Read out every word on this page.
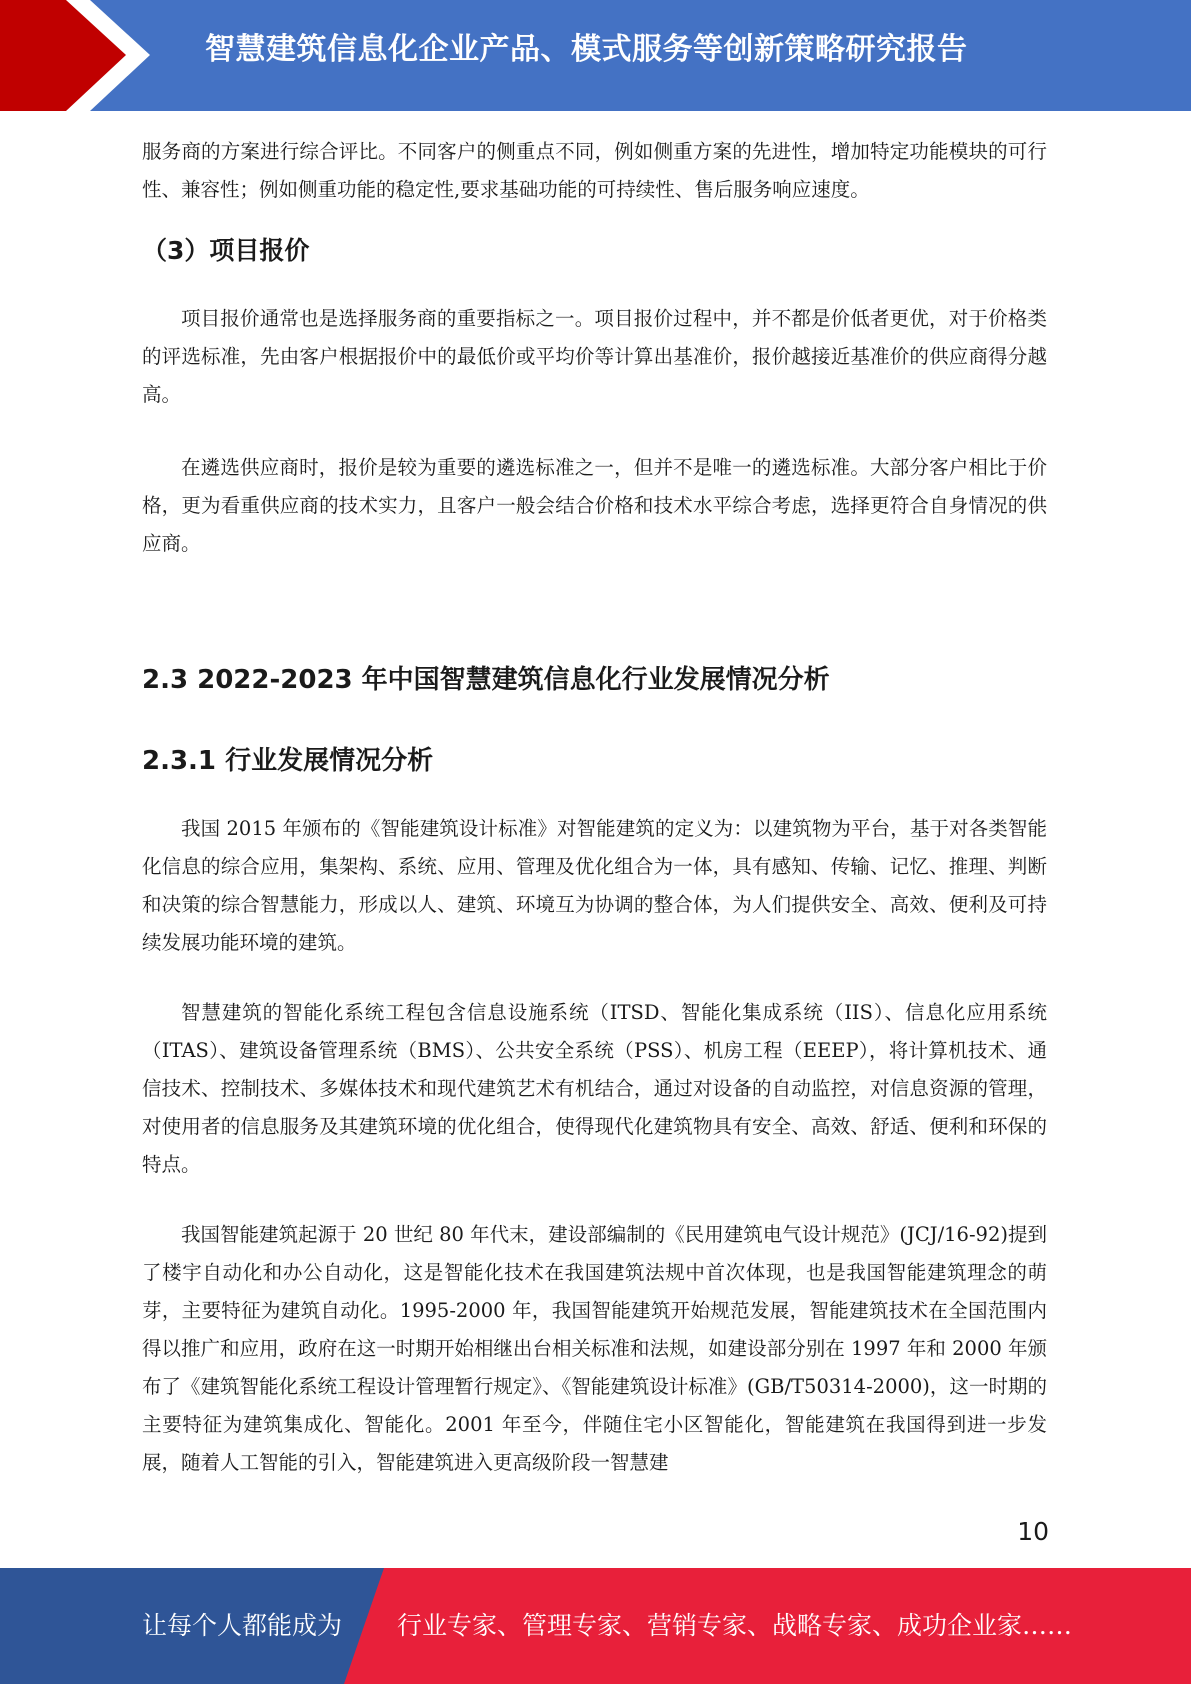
智慧建筑信息化企业产品、模式服务等创新策略研究报告

服务商的方案进行综合评比。不同客户的侧重点不同，例如侧重方案的先进性，增加特定功能模块的可行性、兼容性；例如侧重功能的稳定性,要求基础功能的可持续性、售后服务响应速度。

（3）项目报价

项目报价通常也是选择服务商的重要指标之一。项目报价过程中，并不都是价低者更优，对于价格类的评选标准，先由客户根据报价中的最低价或平均价等计算出基准价，报价越接近基准价的供应商得分越高。

在遴选供应商时，报价是较为重要的遴选标准之一，但并不是唯一的遴选标准。大部分客户相比于价格，更为看重供应商的技术实力，且客户一般会结合价格和技术水平综合考虑，选择更符合自身情况的供应商。

2.3 2022-2023 年中国智慧建筑信息化行业发展情况分析
2.3.1 行业发展情况分析

我国 2015 年颁布的《智能建筑设计标准》对智能建筑的定义为：以建筑物为平台，基于对各类智能化信息的综合应用，集架构、系统、应用、管理及优化组合为一体，具有感知、传输、记忆、推理、判断和决策的综合智慧能力，形成以人、建筑、环境互为协调的整合体，为人们提供安全、高效、便利及可持续发展功能环境的建筑。

智慧建筑的智能化系统工程包含信息设施系统（ITSD、智能化集成系统（IIS）、信息化应用系统（ITAS）、建筑设备管理系统（BMS）、公共安全系统（PSS）、机房工程（EEEP），将计算机技术、通信技术、控制技术、多媒体技术和现代建筑艺术有机结合，通过对设备的自动监控，对信息资源的管理，对使用者的信息服务及其建筑环境的优化组合，使得现代化建筑物具有安全、高效、舒适、便利和环保的特点。

我国智能建筑起源于 20 世纪 80 年代末，建设部编制的《民用建筑电气设计规范》(JCJ/16-92)提到了楼宇自动化和办公自动化，这是智能化技术在我国建筑法规中首次体现，也是我国智能建筑理念的萌芽，主要特征为建筑自动化。1995-2000 年，我国智能建筑开始规范发展，智能建筑技术在全国范围内得以推广和应用，政府在这一时期开始相继出台相关标准和法规，如建设部分别在 1997 年和 2000 年颁布了《建筑智能化系统工程设计管理暂行规定》、《智能建筑设计标准》(GB/T50314-2000)，这一时期的主要特征为建筑集成化、智能化。2001 年至今，伴随住宅小区智能化，智能建筑在我国得到进一步发展，随着人工智能的引入，智能建筑进入更高级阶段一智慧建

10
让每个人都能成为 行业专家、管理专家、营销专家、战略专家、成功企业家……
